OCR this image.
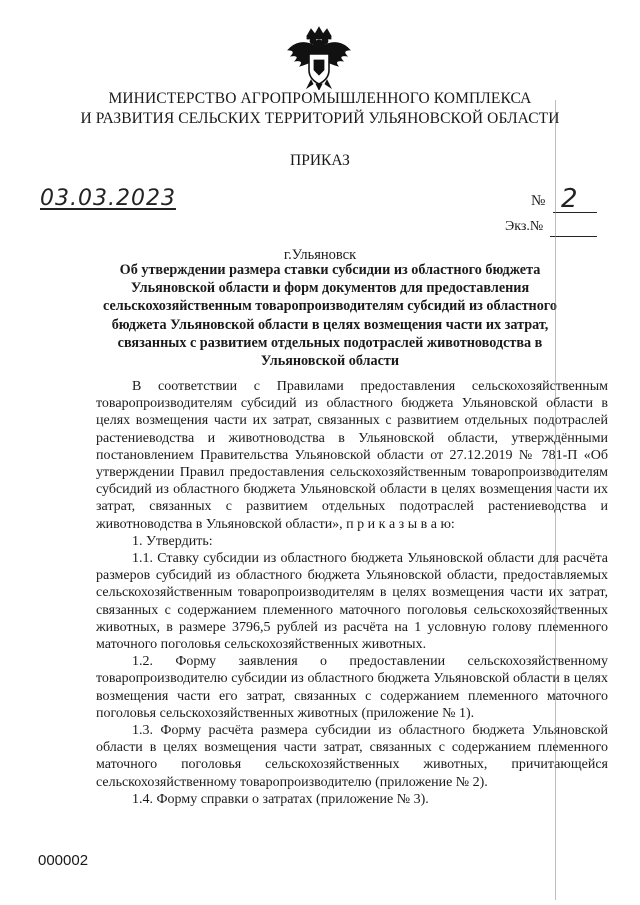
МИНИСТЕРСТВО АГРОПРОМЫШЛЕННОГО КОМПЛЕКСА
И РАЗВИТИЯ СЕЛЬСКИХ ТЕРРИТОРИЙ УЛЬЯНОВСКОЙ ОБЛАСТИ
ПРИКАЗ
03.03.2023	№ 2
Экз.№
г.Ульяновск
Об утверждении размера ставки субсидии из областного бюджета Ульяновской области и форм документов для предоставления сельскохозяйственным товаропроизводителям субсидий из областного бюджета Ульяновской области в целях возмещения части их затрат, связанных с развитием отдельных подотраслей животноводства в Ульяновской области

В соответствии с Правилами предоставления сельскохозяйственным товаропроизводителям субсидий из областного бюджета Ульяновской области в целях возмещения части их затрат, связанных с развитием отдельных подотраслей растениеводства и животноводства в Ульяновской области, утверждёнными постановлением Правительства Ульяновской области от 27.12.2019 № 781-П «Об утверждении Правил предоставления сельскохозяйственным товаропроизводителям субсидий из областного бюджета Ульяновской области в целях возмещения части их затрат, связанных с развитием отдельных подотраслей растениеводства и животноводства в Ульяновской области», п р и к а з ы в а ю:

1. Утвердить:

1.1. Ставку субсидии из областного бюджета Ульяновской области для расчёта размеров субсидий из областного бюджета Ульяновской области, предоставляемых сельскохозяйственным товаропроизводителям в целях возмещения части их затрат, связанных с содержанием племенного маточного поголовья сельскохозяйственных животных, в размере 3796,5 рублей из расчёта на 1 условную голову племенного маточного поголовья сельскохозяйственных животных.

1.2. Форму заявления о предоставлении сельскохозяйственному товаропроизводителю субсидии из областного бюджета Ульяновской области в целях возмещения части его затрат, связанных с содержанием племенного маточного поголовья сельскохозяйственных животных (приложение № 1).

1.3. Форму расчёта размера субсидии из областного бюджета Ульяновской области в целях возмещения части затрат, связанных с содержанием племенного маточного поголовья сельскохозяйственных животных, причитающейся сельскохозяйственному товаропроизводителю (приложение № 2).

1.4. Форму справки о затратах (приложение № 3).

000002
